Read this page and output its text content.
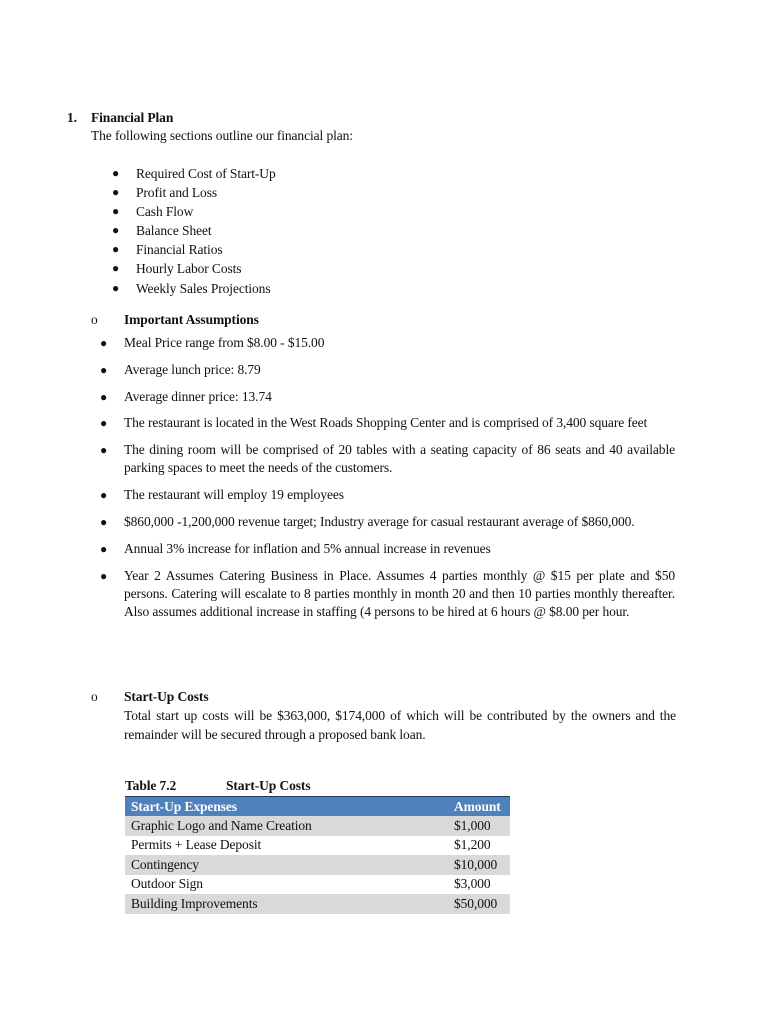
1. Financial Plan
The following sections outline our financial plan:
● Required Cost of Start-Up
● Profit and Loss
● Cash Flow
● Balance Sheet
● Financial Ratios
● Hourly Labor Costs
● Weekly Sales Projections
o Important Assumptions
● Meal Price range from $8.00 - $15.00
● Average lunch price: 8.79
● Average dinner price: 13.74
● The restaurant is located in the West Roads Shopping Center and is comprised of 3,400 square feet
● The dining room will be comprised of 20 tables with a seating capacity of 86 seats and 40 available parking spaces to meet the needs of the customers.
● The restaurant will employ 19 employees
● $860,000 -1,200,000 revenue target; Industry average for casual restaurant average of $860,000.
● Annual 3% increase for inflation and 5% annual increase in revenues
● Year 2 Assumes Catering Business in Place. Assumes 4 parties monthly @ $15 per plate and $50 persons. Catering will escalate to 8 parties monthly in month 20 and then 10 parties monthly thereafter. Also assumes additional increase in staffing (4 persons to be hired at 6 hours @ $8.00 per hour.
o Start-Up Costs
Total start up costs will be $363,000, $174,000 of which will be contributed by the owners and the remainder will be secured through a proposed bank loan.
Table 7.2	Start-Up Costs
Start-Up Expenses	Amount
Graphic Logo and Name Creation	$1,000
Permits + Lease Deposit	$1,200
Contingency	$10,000
Outdoor Sign	$3,000
Building Improvements	$50,000
